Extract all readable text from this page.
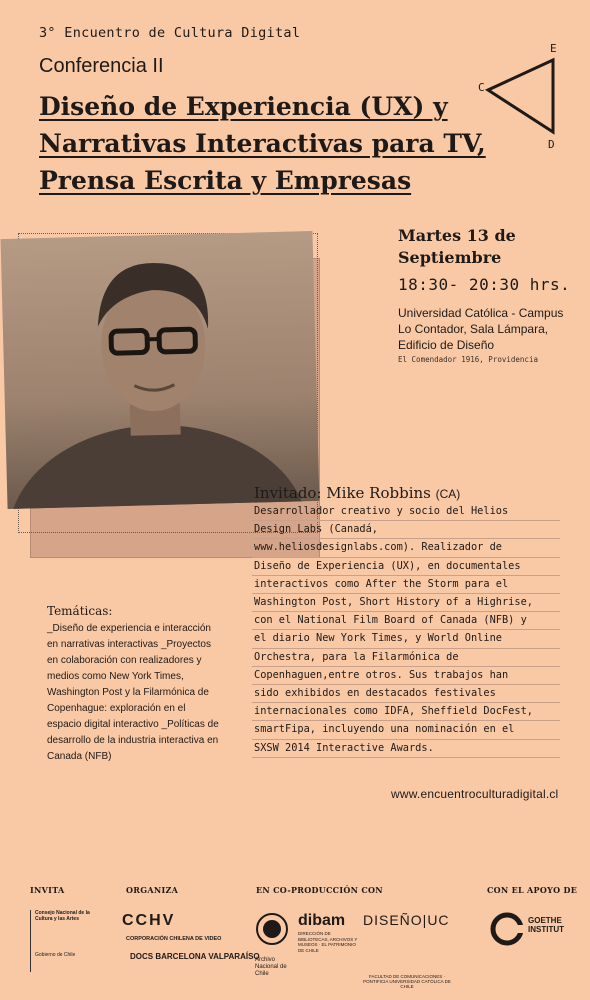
3° Encuentro de Cultura Digital
Conferencia II
Diseño de Experiencia (UX) y
Narrativas Interactivas para TV,
Prensa Escrita y Empresas
E
C
D
Martes 13 de Septiembre
18:30- 20:30 hrs.
Universidad Católica - Campus Lo Contador, Sala Lámpara, Edificio de Diseño
El Comendador 1916, Providencia
Invitado: Mike Robbins (CA)
Desarrollador creativo y socio del Helios
Design Labs (Canadá,
www.heliosdesignlabs.com). Realizador de
Diseño de Experiencia (UX), en documentales
interactivos como After the Storm para el
Washington Post, Short History of a Highrise,
con el National Film Board of Canada (NFB) y
el diario New York Times, y World Online
Orchestra, para la Filarmónica de
Copenhaguen,entre otros. Sus trabajos han
sido exhibidos en destacados festivales
internacionales como IDFA, Sheffield DocFest,
smartFipa, incluyendo una nominación en el
SXSW 2014 Interactive Awards.
Temáticas:

_Diseño de experiencia e interacción en narrativas interactivas _Proyectos en colaboración con realizadores y medios como New York Times, Washington Post y la Filarmónica de Copenhague: exploración en el espacio digital interactivo _Políticas de desarrollo de la industria interactiva en Canada (NFB)

www.encuentroculturadigital.cl
INVITA	ORGANIZA	EN CO-PRODUCCIÓN CON	CON EL APOYO DE
Consejo Nacional de la Cultura y las Artes
Gobierno de Chile
CCHV
CORPORACIÓN CHILENA DE VIDEO
DOCS BARCELONA VALPARAÍSO
Archivo Nacional de Chile
dibam
DIRECCIÓN DE BIBLIOTECAS, ARCHIVOS Y MUSEOS · EL PATRIMONIO DE CHILE
DISEÑO|UC
FACULTAD DE COMUNICACIONES · PONTIFICIA UNIVERSIDAD CATÓLICA DE CHILE
GOETHE INSTITUT
